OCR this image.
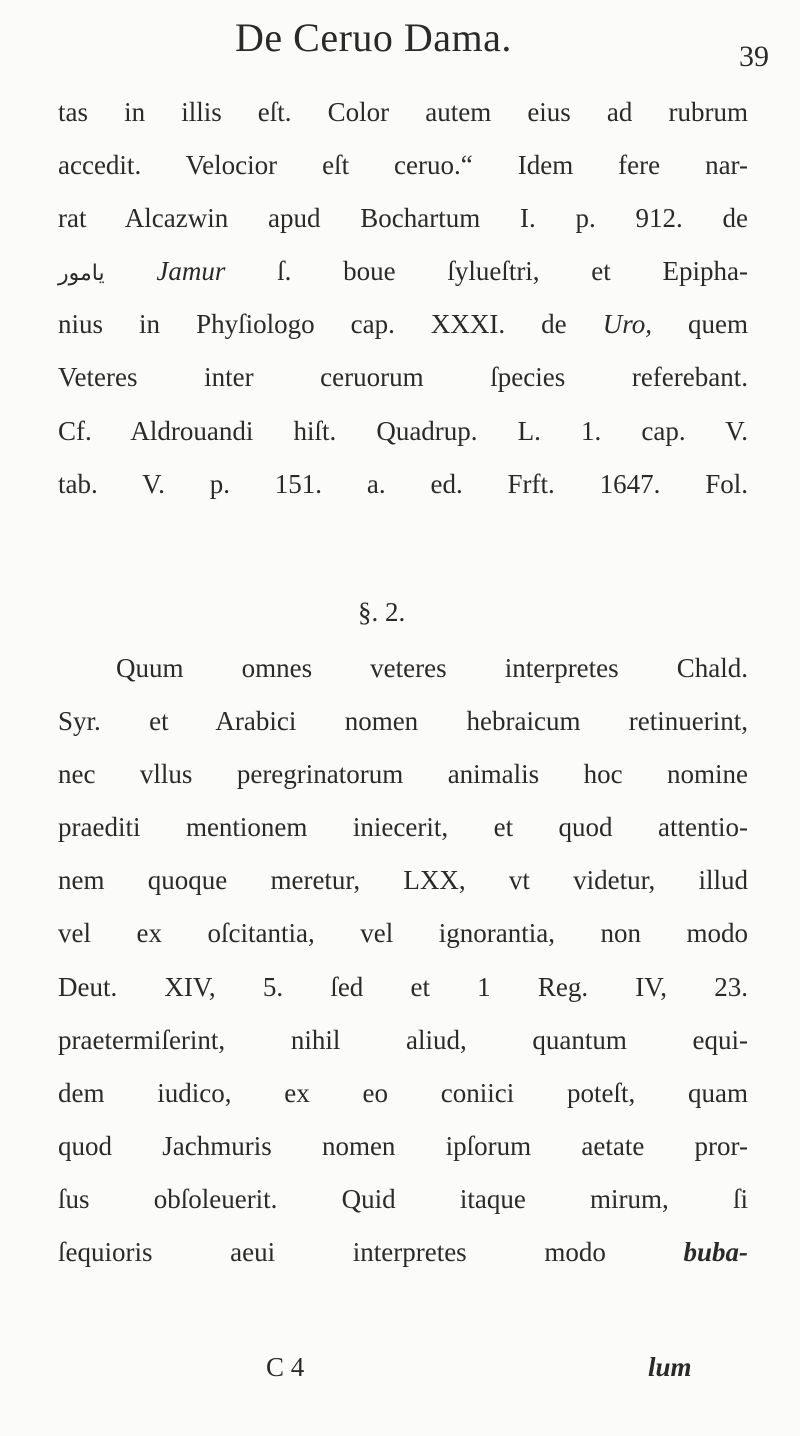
De Ceruo Dama.	39
tas in illis eſt. Color autem eius ad rubrum
accedit. Velocior eſt ceruo.“ Idem fere nar-
rat Alcazwin apud Bochartum I. p. 912. de
يامور Jamur ſ. boue ſylueſtri, et Epipha-
nius in Phyſiologo cap. XXXI. de Uro, quem
Veteres inter ceruorum ſpecies referebant.
Cf. Aldrouandi hiſt. Quadrup. L. 1. cap. V.
tab. V. p. 151. a. ed. Frft. 1647. Fol.
§. 2.
Quum omnes veteres interpretes Chald.
Syr. et Arabici nomen hebraicum retinuerint,
nec vllus peregrinatorum animalis hoc nomine
praediti mentionem iniecerit, et quod attentio-
nem quoque meretur, LXX, vt videtur, illud
vel ex oſcitantia, vel ignorantia, non modo
Deut. XIV, 5. ſed et 1 Reg. IV, 23.
praetermiſerint, nihil aliud, quantum equi-
dem iudico, ex eo coniici poteſt, quam
quod Jachmuris nomen ipſorum aetate pror-
ſus obſoleuerit. Quid itaque mirum, ſi
ſequioris aeui interpretes modo	buba-
C 4	lum
